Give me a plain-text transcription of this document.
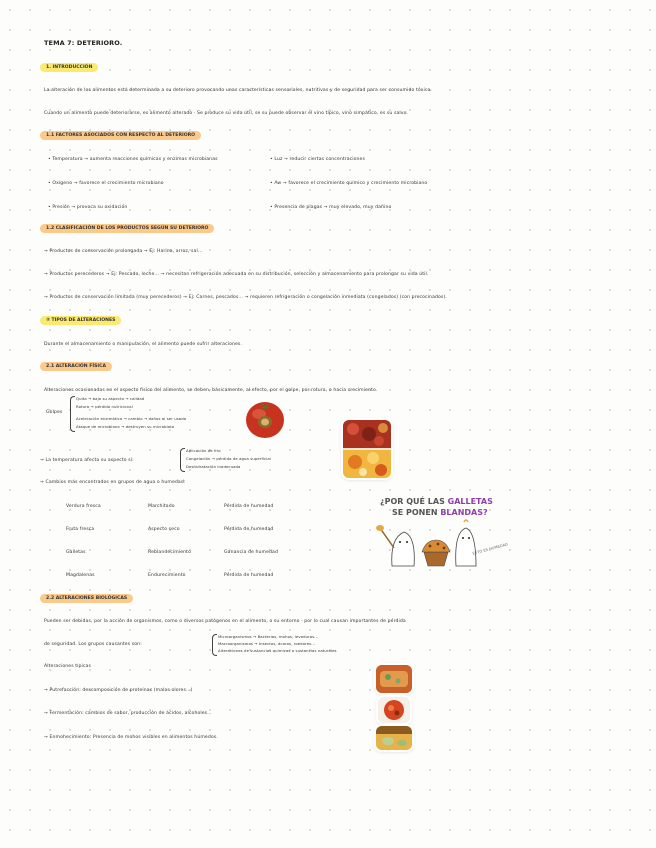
TEMA 7: DETERIORO.
1. INTRODUCCIÓN
La alteración de los alimentos está determinada a su deterioro provocando unas características sensoriales, nutritivas y de seguridad para ser consumido tóxico.
Cuando un alimento puede deteriorarse, es alimento alterado · Se produce su vida útil, se su puede observar el vino típico, vino simpático, es su salvo.
1.1 FACTORES ASOCIADOS CON RESPECTO AL DETERIORO
• Temperatura → aumenta reacciones químicas y enzimas microbianas
• Oxígeno → favorece el crecimiento microbiano
• Presión → provoca su oxidación
• Luz → reducir ciertas concentraciones
• Aw → favorece el crecimiento químico y crecimiento microbiano
• Presencia de plagas → muy elevado, muy dañino
1.2 CLASIFICACIÓN DE LOS PRODUCTOS SEGÚN SU DETERIORO
→ Productos de conservación prolongada → Ej: Harina, arroz, sal...
→ Productos perecederos → Ej: Pescado, leche... → necesitan refrigeración adecuada en su distribución, selección y almacenamiento para prolongar su vida útil.
→ Productos de conservación limitada (muy perecederos) → Ej: Carnes, pescados... → requieren refrigeración o congelación inmediata (congelados) (con precocinados).
② TIPOS DE ALTERACIONES
Durante el almacenamiento o manipulación, el alimento puede sufrir alteraciones.
2.1 ALTERACIÓN FÍSICA
Alteraciones ocasionadas en el aspecto físico del alimento, se deben, básicamente, al efecto, por el golpe, por rotura, o hacia crecimiento.
Golpes
Quita → bajo su aspecto → calidad
Rotura → pérdida nutricional
Aceleración enzimática → cambio → daños al ser usado
Ataque de microbiano → destruyen su microbiota
→ La temperatura afecta su aspecto si:
Aplicación de frío
Congelación → pérdida de agua superficial
Deshidratación inadecuada
→ Cambios más encontrados en grupos de agua o humedad:
Verdura fresca	Marchitado	Pérdida de humedad
Fruta fresca	Aspecto seco	Pérdida de humedad
Galletas	Reblandecimiento	Ganancia de humedad
Magdalenas	Endurecimiento	Pérdida de humedad
¿POR QUÉ LAS GALLETAS
SE PONEN BLANDAS?
ESTO ES HUMEDAD
2.2 ALTERACIONES BIOLÓGICAS
Pueden ser debidas, por la acción de organismos, como o diversos patógenos en el alimento, o su entorno · por lo cual causan importantes de pérdida
de seguridad. Los grupos causantes son:
Microorganismos → Bacterias, mohos, levaduras...
Macroorganismos → Insectos, ácaros, roedores...
Alteraciones de sustancias químicas o sustancias naturales
Alteraciones típicas
→ Putrefacción: descomposición de proteínas (malos olores...)
→ Fermentación: cambios de sabor, producción de ácidos, alcoholes...
→ Enmohecimiento: Presencia de mohos visibles en alimentos húmedos.
